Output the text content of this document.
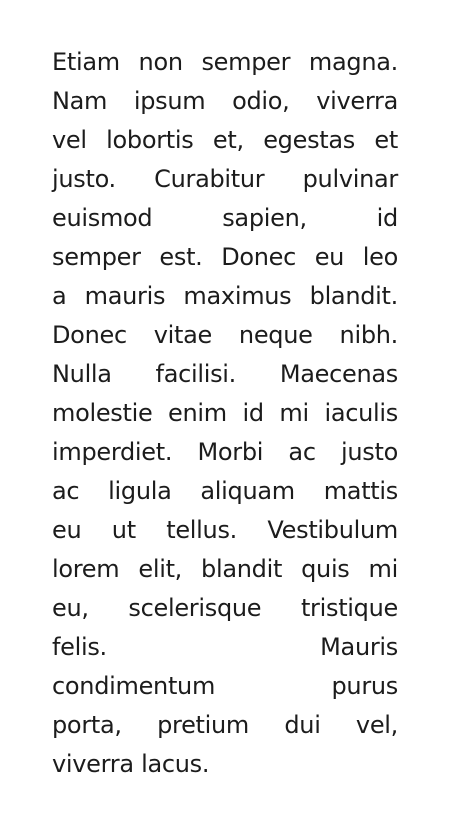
Etiam non semper magna.
Nam ipsum odio, viverra
vel lobortis et, egestas et
justo. Curabitur pulvinar
euismod sapien, id
semper est. Donec eu leo
a mauris maximus blandit.
Donec vitae neque nibh.
Nulla facilisi. Maecenas
molestie enim id mi iaculis
imperdiet. Morbi ac justo
ac ligula aliquam mattis
eu ut tellus. Vestibulum
lorem elit, blandit quis mi
eu, scelerisque tristique
felis. Mauris
condimentum purus
porta, pretium dui vel,
viverra lacus.
